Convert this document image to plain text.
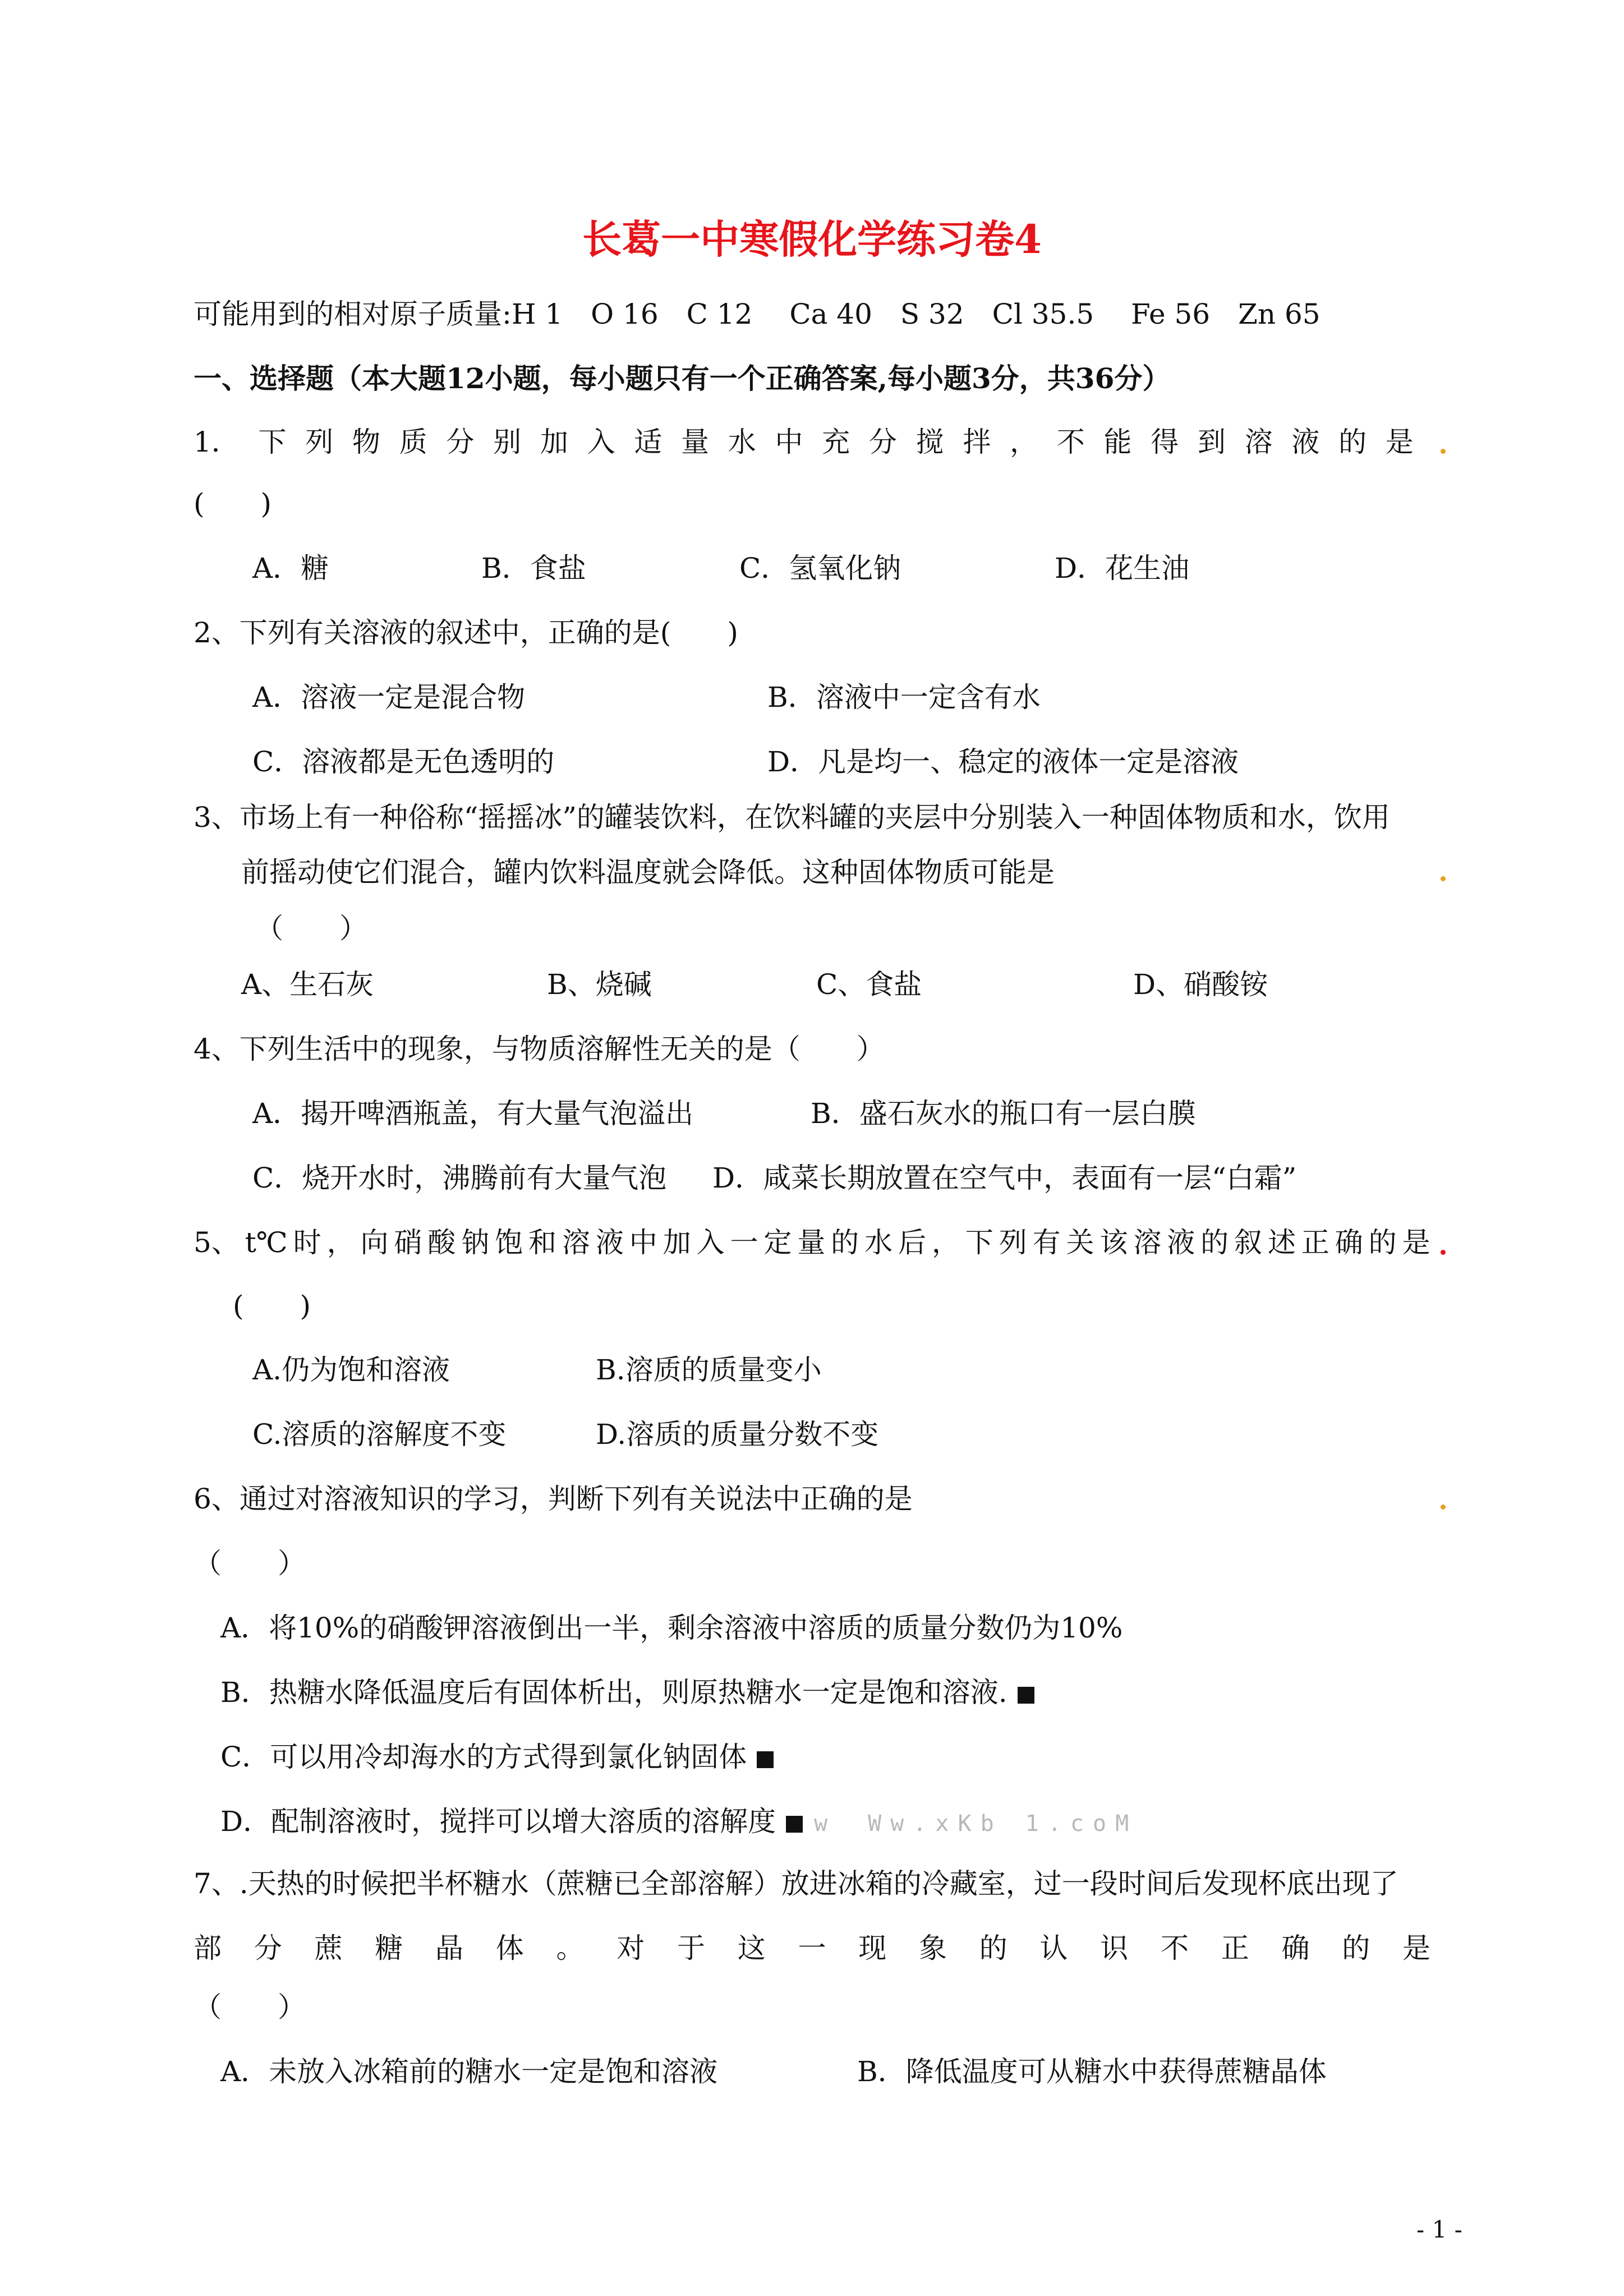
长葛一中寒假化学练习卷4
可能用到的相对原子质量:H 1　O 16　C 12　 Ca 40　S 32　Cl 35.5　 Fe 56　Zn 65
一、选择题（本大题12小题，每小题只有一个正确答案,每小题3分，共36分）
1． 下 列 物 质 分 别 加 入 适 量 水 中 充 分 搅 拌 ， 不 能 得 到 溶 液 的 是
(　　)
A．糖	B．食盐	C．氢氧化钠	D．花生油
2、下列有关溶液的叙述中，正确的是(　　)
A．溶液一定是混合物	B．溶液中一定含有水
C．溶液都是无色透明的	D．凡是均一、稳定的液体一定是溶液
3、市场上有一种俗称“摇摇冰”的罐装饮料，在饮料罐的夹层中分别装入一种固体物质和水，饮用
前摇动使它们混合，罐内饮料温度就会降低。这种固体物质可能是
（　　）
A、生石灰	B、烧碱	C、食盐	D、硝酸铵
4、下列生活中的现象，与物质溶解性无关的是（　　）
A．揭开啤酒瓶盖，有大量气泡溢出	B．盛石灰水的瓶口有一层白膜
C．烧开水时，沸腾前有大量气泡 D．咸菜长期放置在空气中，表面有一层“白霜”
5、 t℃ 时 ， 向 硝 酸 钠 饱 和 溶 液 中 加 入 一 定 量 的 水 后 ， 下 列 有 关 该 溶 液 的 叙 述 正 确 的 是
(　　)
A.仍为饱和溶液	B.溶质的质量变小
C.溶质的溶解度不变	D.溶质的质量分数不变
6、通过对溶液知识的学习，判断下列有关说法中正确的是
（　　）
A．将10%的硝酸钾溶液倒出一半，剩余溶液中溶质的质量分数仍为10%
B．热糖水降低温度后有固体析出，则原热糖水一定是饱和溶液.
C．可以用冷却海水的方式得到氯化钠固体
D．配制溶液时，搅拌可以增大溶质的溶解度 w　Ww.xKb 1.coM
7、.天热的时候把半杯糖水（蔗糖已全部溶解）放进冰箱的冷藏室，过一段时间后发现杯底出现了
部 分 蔗 糖 晶 体 。 对 于 这 一 现 象 的 认 识 不 正 确 的 是
（　　）
A．未放入冰箱前的糖水一定是饱和溶液	B．降低温度可从糖水中获得蔗糖晶体
- 1 -
